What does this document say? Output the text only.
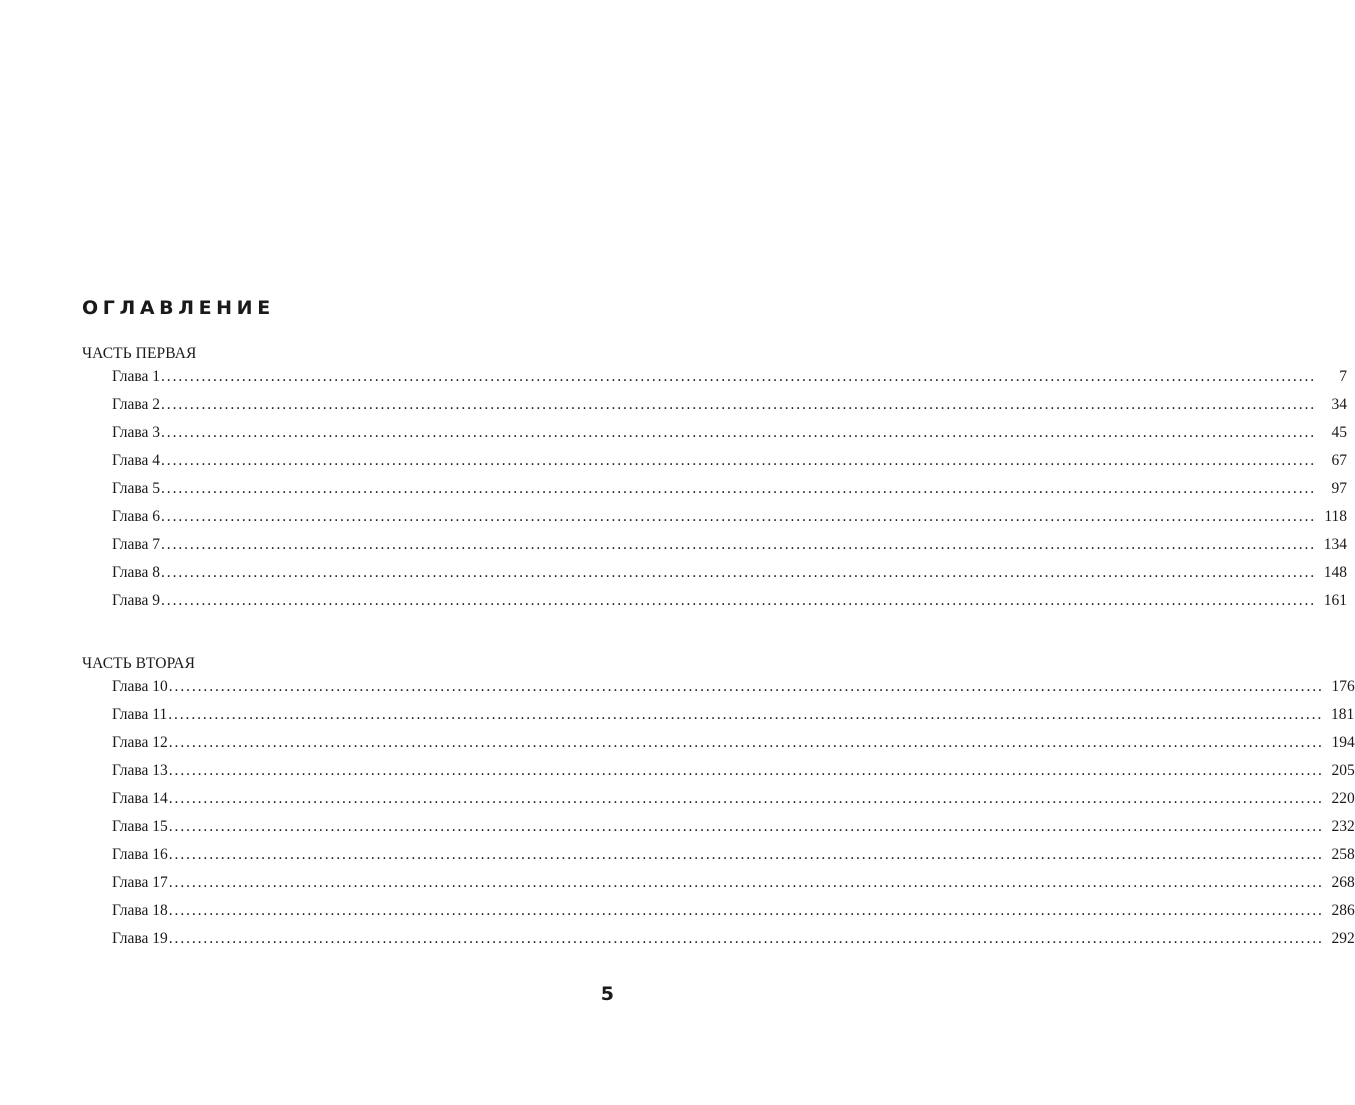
ОГЛАВЛЕНИЕ
ЧАСТЬ ПЕРВАЯ
Глава 1 ........................................................................................................................................................................................................	7
Глава 2 ........................................................................................................................................................................................................	34
Глава 3 ........................................................................................................................................................................................................	45
Глава 4 ........................................................................................................................................................................................................	67
Глава 5 ........................................................................................................................................................................................................	97
Глава 6 ........................................................................................................................................................................................................ 118
Глава 7 ........................................................................................................................................................................................................ 134
Глава 8 ........................................................................................................................................................................................................ 148
Глава 9 ........................................................................................................................................................................................................ 161
ЧАСТЬ ВТОРАЯ
Глава 10 ........................................................................................................................................................................................................ 176
Глава 11 ........................................................................................................................................................................................................ 181
Глава 12 ........................................................................................................................................................................................................ 194
Глава 13 ........................................................................................................................................................................................................ 205
Глава 14 ........................................................................................................................................................................................................ 220
Глава 15 ........................................................................................................................................................................................................ 232
Глава 16 ........................................................................................................................................................................................................ 258
Глава 17 ........................................................................................................................................................................................................ 268
Глава 18 ........................................................................................................................................................................................................ 286
Глава 19 ........................................................................................................................................................................................................ 292
5
